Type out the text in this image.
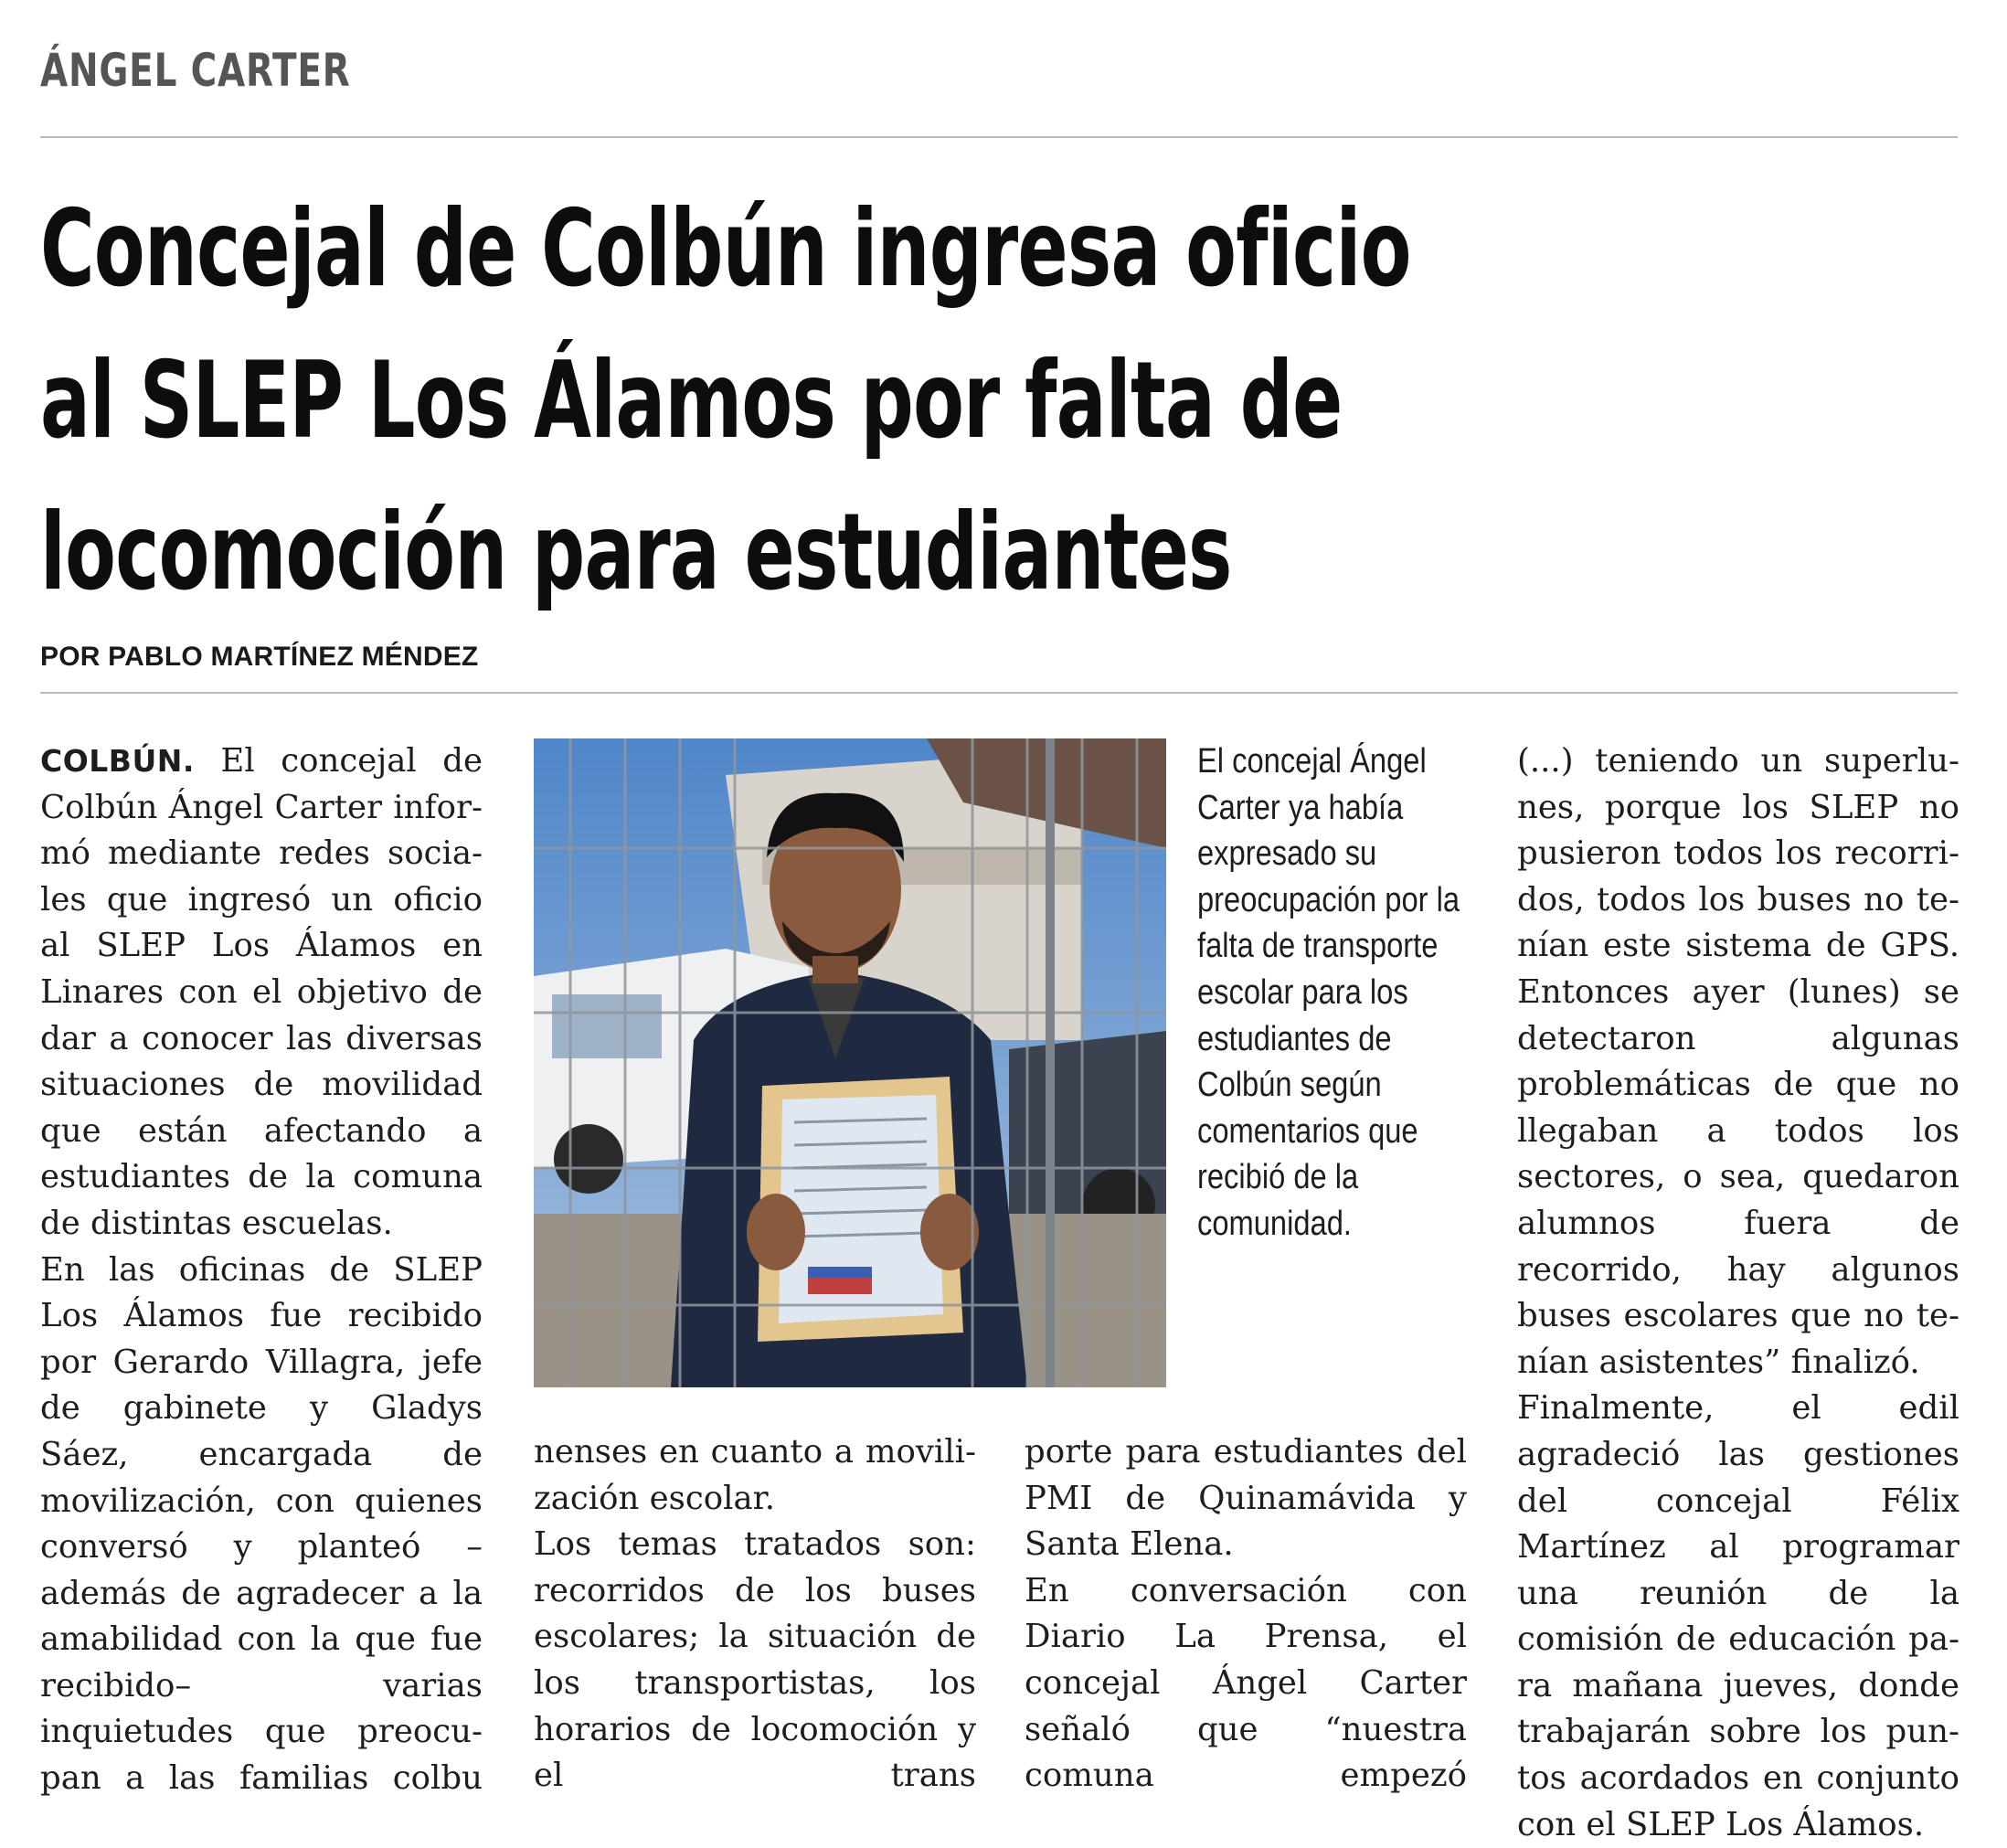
ÁNGEL CARTER
Concejal de Colbún ingresa oficio
al SLEP Los Álamos por falta de
locomoción para estudiantes
POR PABLO MARTÍNEZ MÉNDEZ

COLBÚN. El concejal de Colbún Ángel Carter informó mediante redes sociales que ingresó un oficio al SLEP Los Álamos en Linares con el objetivo de dar a conocer las diversas situaciones de movilidad que están afectando a estudiantes de la comuna de distintas escuelas.

En las oficinas de SLEP Los Álamos fue recibido por Gerardo Villagra, jefe de gabinete y Gladys Sáez, encargada de movilización, con quienes conversó y planteó –además de agradecer a la amabilidad con la que fue recibido– varias inquietudes que preocupan a las familias colbu

El concejal Ángel Carter ya había expresado su preocupación por la falta de transporte escolar para los estudiantes de Colbún según comentarios que recibió de la comunidad.

nenses en cuanto a movilización escolar.

Los temas tratados son: recorridos de los buses escolares; la situación de los transportistas, los horarios de locomoción y el trans

porte para estudiantes del PMI de Quinamávida y Santa Elena.

En conversación con Diario La Prensa, el concejal Ángel Carter señaló que “nuestra comuna empezó

(...) teniendo un superlunes, porque los SLEP no pusieron todos los recorridos, todos los buses no tenían este sistema de GPS. Entonces ayer (lunes) se detectaron algunas problemáticas de que no llegaban a todos los sectores, o sea, quedaron alumnos fuera de recorrido, hay algunos buses escolares que no tenían asistentes” finalizó.

Finalmente, el edil agradeció las gestiones del concejal Félix Martínez al programar una reunión de la comisión de educación para mañana jueves, donde trabajarán sobre los puntos acordados en conjunto con el SLEP Los Álamos.
